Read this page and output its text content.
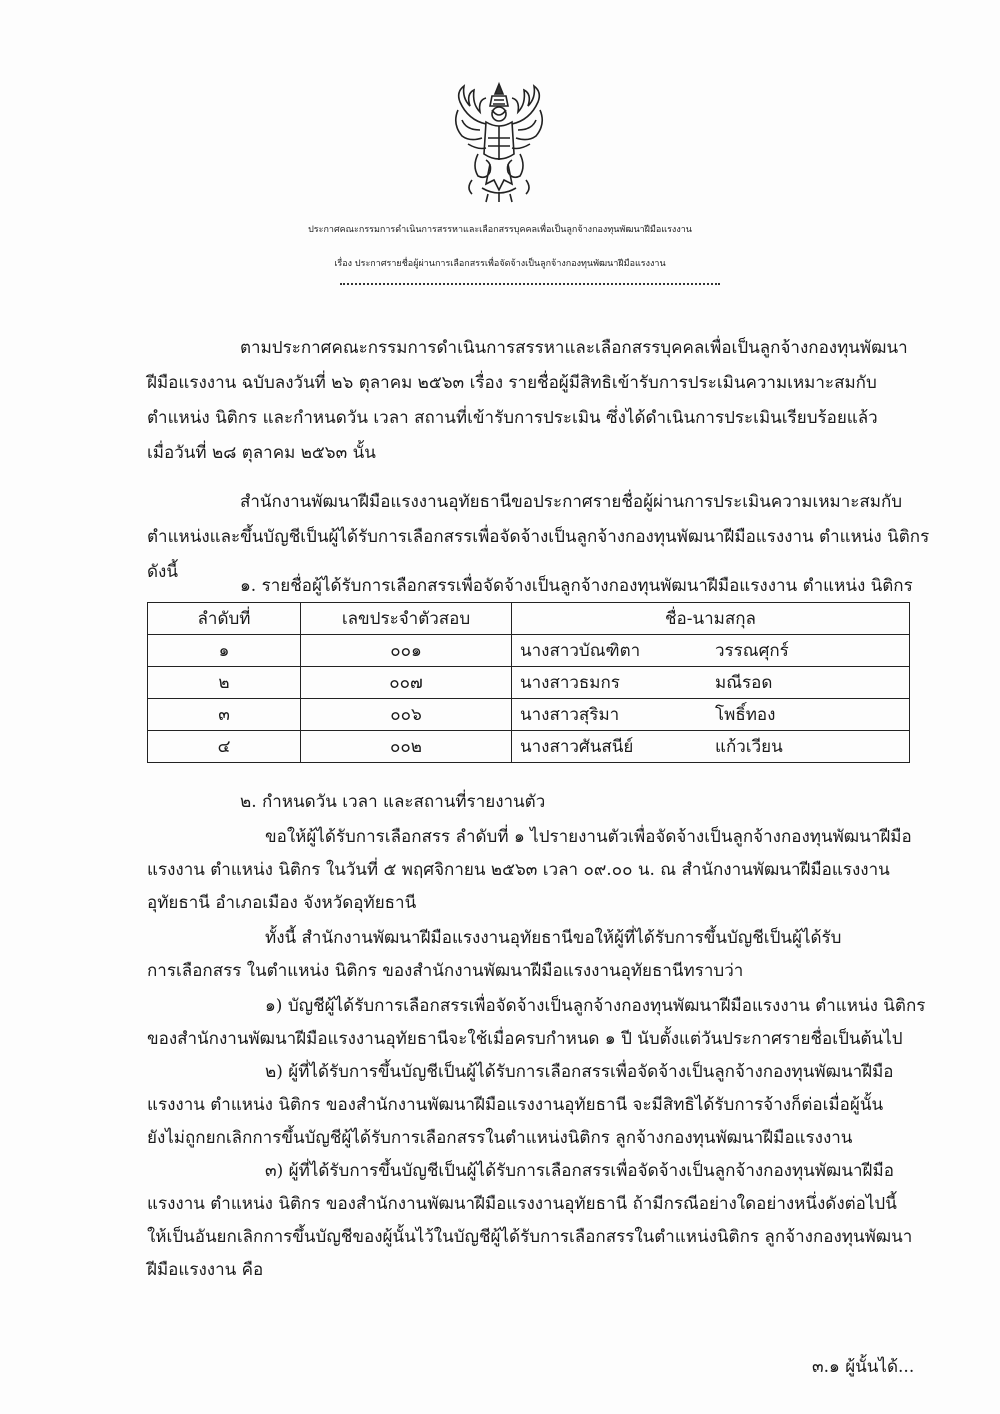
ประกาศคณะกรรมการดำเนินการสรรหาและเลือกสรรบุคคลเพื่อเป็นลูกจ้างกองทุนพัฒนาฝีมือแรงงาน
เรื่อง ประกาศรายชื่อผู้ผ่านการเลือกสรรเพื่อจัดจ้างเป็นลูกจ้างกองทุนพัฒนาฝีมือแรงงาน
ตามประกาศคณะกรรมการดำเนินการสรรหาและเลือกสรรบุคคลเพื่อเป็นลูกจ้างกองทุนพัฒนา
ฝีมือแรงงาน ฉบับลงวันที่ ๒๖ ตุลาคม ๒๕๖๓ เรื่อง รายชื่อผู้มีสิทธิเข้ารับการประเมินความเหมาะสมกับ
ตำแหน่ง นิติกร และกำหนดวัน เวลา สถานที่เข้ารับการประเมิน ซึ่งได้ดำเนินการประเมินเรียบร้อยแล้ว
เมื่อวันที่ ๒๘ ตุลาคม ๒๕๖๓ นั้น
สำนักงานพัฒนาฝีมือแรงงานอุทัยธานีขอประกาศรายชื่อผู้ผ่านการประเมินความเหมาะสมกับ
ตำแหน่งและขึ้นบัญชีเป็นผู้ได้รับการเลือกสรรเพื่อจัดจ้างเป็นลูกจ้างกองทุนพัฒนาฝีมือแรงงาน ตำแหน่ง นิติกร
ดังนี้
๑. รายชื่อผู้ได้รับการเลือกสรรเพื่อจัดจ้างเป็นลูกจ้างกองทุนพัฒนาฝีมือแรงงาน ตำแหน่ง นิติกร
ลำดับที่	เลขประจำตัวสอบ	ชื่อ-นามสกุล
๑	๐๐๑	นางสาวบัณฑิตา วรรณศุกร์
๒	๐๐๗	นางสาวธมกร มณีรอด
๓	๐๐๖	นางสาวสุริมา โพธิ์ทอง
๔	๐๐๒	นางสาวศันสนีย์ แก้วเวียน
๒. กำหนดวัน เวลา และสถานที่รายงานตัว
ขอให้ผู้ได้รับการเลือกสรร ลำดับที่ ๑ ไปรายงานตัวเพื่อจัดจ้างเป็นลูกจ้างกองทุนพัฒนาฝีมือ
แรงงาน ตำแหน่ง นิติกร ในวันที่ ๕ พฤศจิกายน ๒๕๖๓ เวลา ๐๙.๐๐ น. ณ สำนักงานพัฒนาฝีมือแรงงาน
อุทัยธานี อำเภอเมือง จังหวัดอุทัยธานี
ทั้งนี้ สำนักงานพัฒนาฝีมือแรงงานอุทัยธานีขอให้ผู้ที่ได้รับการขึ้นบัญชีเป็นผู้ได้รับ
การเลือกสรร ในตำแหน่ง นิติกร ของสำนักงานพัฒนาฝีมือแรงงานอุทัยธานีทราบว่า
๑) บัญชีผู้ได้รับการเลือกสรรเพื่อจัดจ้างเป็นลูกจ้างกองทุนพัฒนาฝีมือแรงงาน ตำแหน่ง นิติกร
ของสำนักงานพัฒนาฝีมือแรงงานอุทัยธานีจะใช้เมื่อครบกำหนด ๑ ปี นับตั้งแต่วันประกาศรายชื่อเป็นต้นไป
๒) ผู้ที่ได้รับการขึ้นบัญชีเป็นผู้ได้รับการเลือกสรรเพื่อจัดจ้างเป็นลูกจ้างกองทุนพัฒนาฝีมือ
แรงงาน ตำแหน่ง นิติกร ของสำนักงานพัฒนาฝีมือแรงงานอุทัยธานี จะมีสิทธิได้รับการจ้างก็ต่อเมื่อผู้นั้น
ยังไม่ถูกยกเลิกการขึ้นบัญชีผู้ได้รับการเลือกสรรในตำแหน่งนิติกร ลูกจ้างกองทุนพัฒนาฝีมือแรงงาน
๓) ผู้ที่ได้รับการขึ้นบัญชีเป็นผู้ได้รับการเลือกสรรเพื่อจัดจ้างเป็นลูกจ้างกองทุนพัฒนาฝีมือ
แรงงาน ตำแหน่ง นิติกร ของสำนักงานพัฒนาฝีมือแรงงานอุทัยธานี ถ้ามีกรณีอย่างใดอย่างหนึ่งดังต่อไปนี้
ให้เป็นอันยกเลิกการขึ้นบัญชีของผู้นั้นไว้ในบัญชีผู้ได้รับการเลือกสรรในตำแหน่งนิติกร ลูกจ้างกองทุนพัฒนา
ฝีมือแรงงาน คือ
๓.๑ ผู้นั้นได้...
